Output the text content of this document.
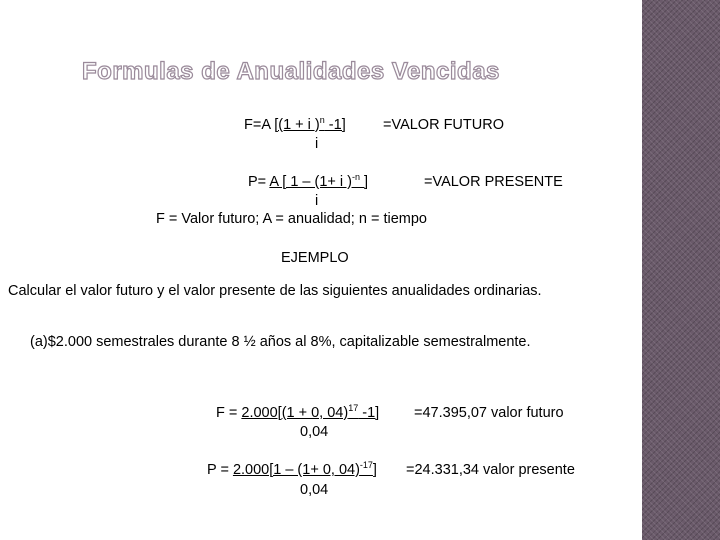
Formulas de Anualidades Vencidas
F=A [(1 + i )$^n$ -1]	=VALOR FUTURO
i
P= A [ 1 – (1+ i )$^{-n}$ ]	=VALOR PRESENTE
i
F = Valor futuro; A = anualidad; n = tiempo
EJEMPLO
Calcular el valor futuro y el valor presente de las siguientes anualidades ordinarias.
(a)$2.000 semestrales durante 8 ½ años al 8%, capitalizable semestralmente.
F = 2.000[(1 + 0, 04)$^{17}$ -1] =47.395,07 valor futuro
0,04
P = 2.000[1 – (1+ 0, 04)$^{-17}$] =24.331,34 valor presente
0,04
